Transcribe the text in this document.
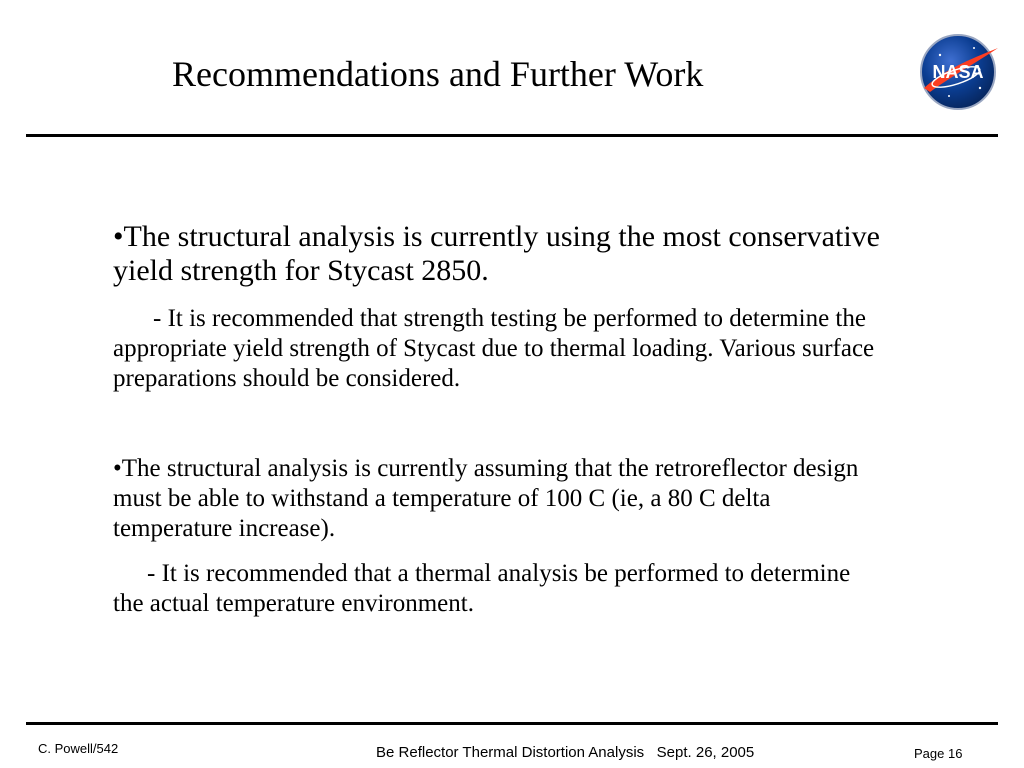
Recommendations and Further Work	NASA
•The structural analysis is currently using the most conservative yield strength for Stycast 2850.
- It is recommended that strength testing be performed to determine the appropriate yield strength of Stycast due to thermal loading. Various surface preparations should be considered.
•The structural analysis is currently assuming that the retroreflector design must be able to withstand a temperature of 100 C (ie, a 80 C delta temperature increase).
- It is recommended that a thermal analysis be performed to determine the actual temperature environment.
C. Powell/542	Be Reflector Thermal Distortion Analysis   Sept. 26, 2005	Page 16
